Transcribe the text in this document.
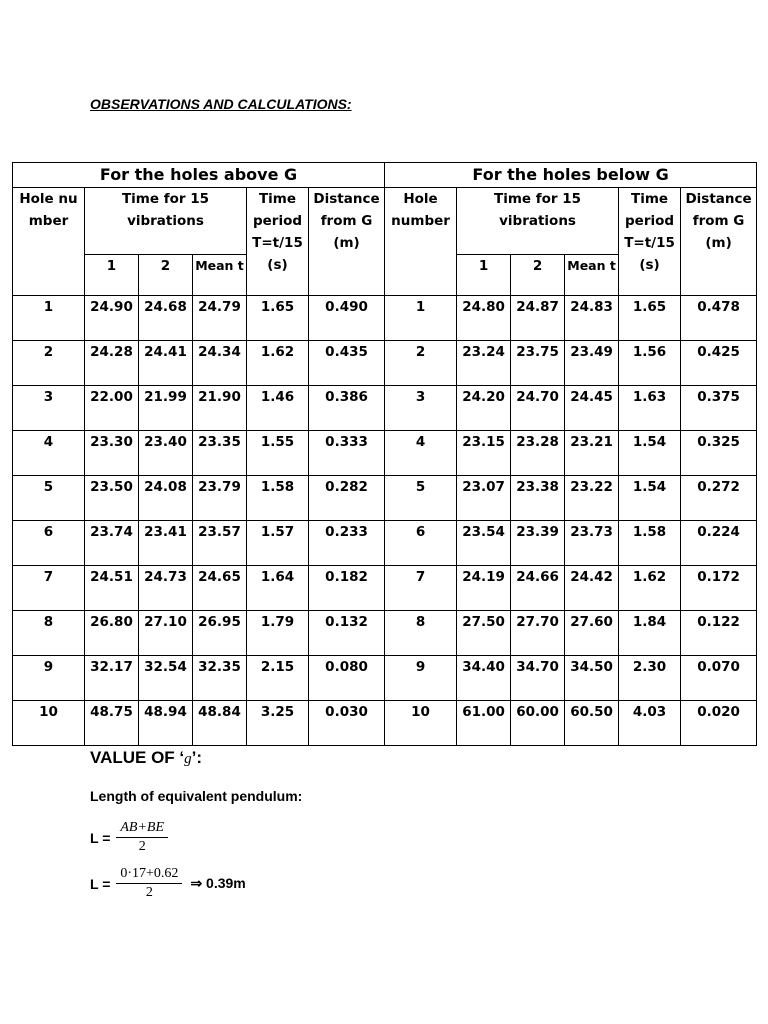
OBSERVATIONS AND CALCULATIONS:
For the holes above G						For the holes below G					
Hole number	Time for 15 vibrations			Time period T=t/15 (s)	Distance from G (m)	Hole number	Time for 15 vibrations			Time period T=t/15 (s)	Distance from G (m)
	1	2	Mean t				1	2	Mean t		
1	24.90	24.68	24.79	1.65	0.490	1	24.80	24.87	24.83	1.65	0.478
2	24.28	24.41	24.34	1.62	0.435	2	23.24	23.75	23.49	1.56	0.425
3	22.00	21.99	21.90	1.46	0.386	3	24.20	24.70	24.45	1.63	0.375
4	23.30	23.40	23.35	1.55	0.333	4	23.15	23.28	23.21	1.54	0.325
5	23.50	24.08	23.79	1.58	0.282	5	23.07	23.38	23.22	1.54	0.272
6	23.74	23.41	23.57	1.57	0.233	6	23.54	23.39	23.73	1.58	0.224
7	24.51	24.73	24.65	1.64	0.182	7	24.19	24.66	24.42	1.62	0.172
8	26.80	27.10	26.95	1.79	0.132	8	27.50	27.70	27.60	1.84	0.122
9	32.17	32.54	32.35	2.15	0.080	9	34.40	34.70	34.50	2.30	0.070
10	48.75	48.94	48.84	3.25	0.030	10	61.00	60.00	60.50	4.03	0.020
VALUE OF ‘g’:
Length of equivalent pendulum:
$L = \frac{AB+BE}{2}$
$L = \frac{0\cdot 17+0.62}{2}$ ⇒ 0.39m
